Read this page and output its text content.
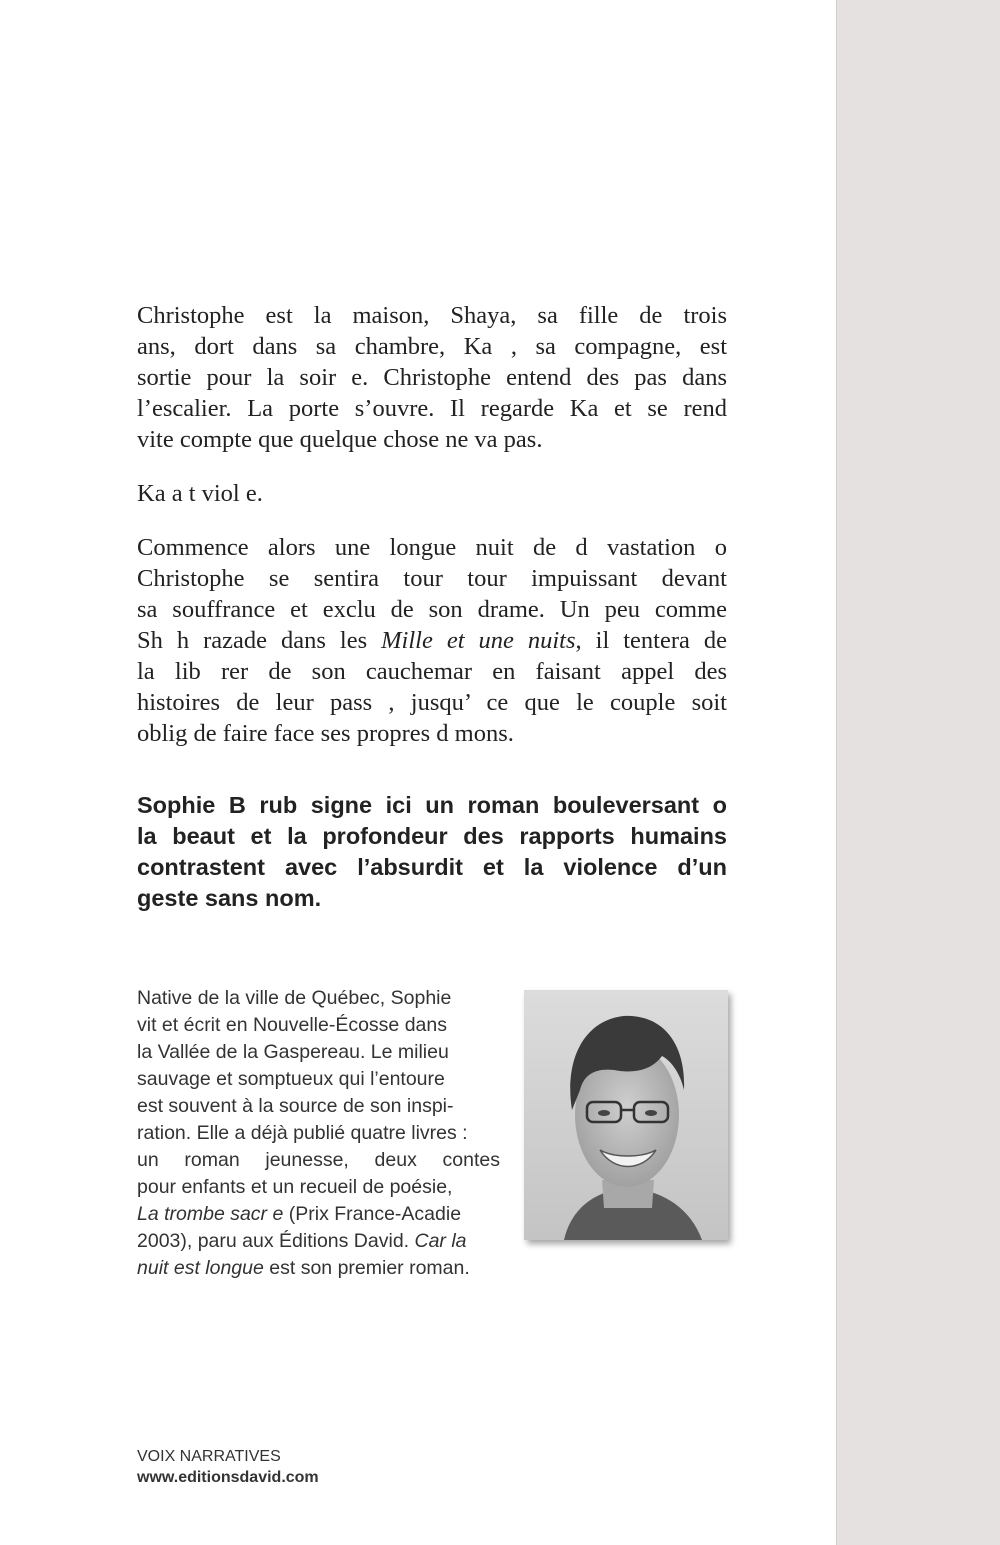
Christophe est la maison, Shaya, sa fille de trois

ans, dort dans sa chambre, Ka , sa compagne, est

sortie pour la soir e. Christophe entend des pas dans

l’escalier. La porte s’ouvre. Il regarde Ka et se rend

vite compte que quelque chose ne va pas.

Ka a t viol e.

Commence alors une longue nuit de d vastation o

Christophe se sentira tour tour impuissant devant

sa souffrance et exclu de son drame. Un peu comme

Sh h razade dans les Mille et une nuits, il tentera de

la lib rer de son cauchemar en faisant appel des

histoires de leur pass , jusqu’ ce que le couple soit

oblig de faire face ses propres d mons.

Sophie B rub signe ici un roman bouleversant o

la beaut et la profondeur des rapports humains

contrastent avec l’absurdit et la violence d’un

geste sans nom.

Native de la ville de Québec, Sophie

vit et écrit en Nouvelle-Écosse dans

la Vallée de la Gaspereau. Le milieu

sauvage et somptueux qui l’entoure

est souvent à la source de son inspi-

ration. Elle a déjà publié quatre livres :

un roman jeunesse, deux contes

pour enfants et un recueil de poésie,

La trombe sacr e (Prix France-Acadie

2003), paru aux Éditions David. Car la

nuit est longue est son premier roman.

VOIX NARRATIVES
www.editionsdavid.com
